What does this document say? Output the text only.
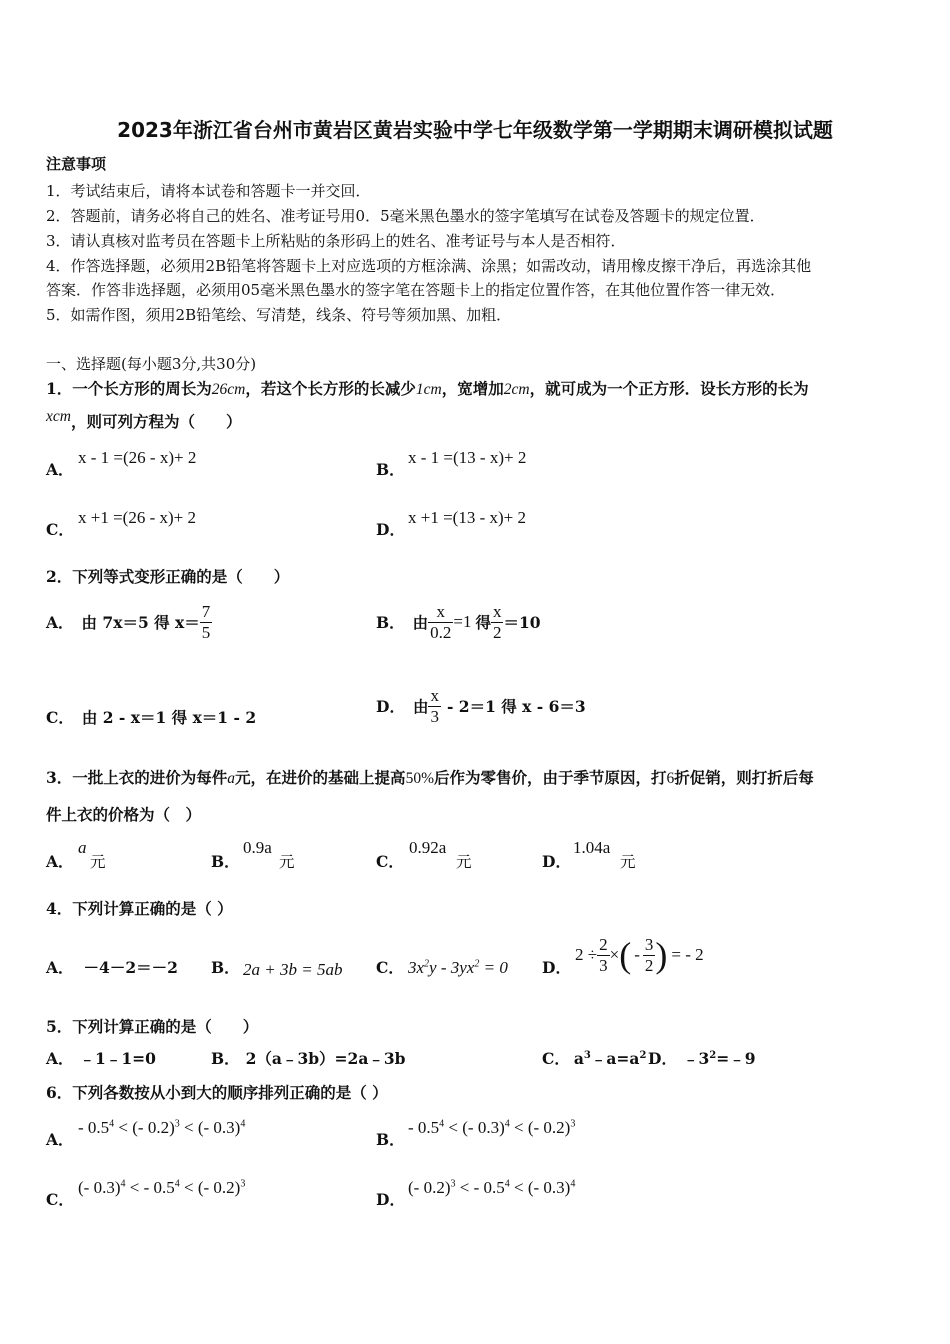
2023年浙江省台州市黄岩区黄岩实验中学七年级数学第一学期期末调研模拟试题
注意事项
1．考试结束后，请将本试卷和答题卡一并交回．
2．答题前，请务必将自己的姓名、准考证号用0．5毫米黑色墨水的签字笔填写在试卷及答题卡的规定位置．
3．请认真核对监考员在答题卡上所粘贴的条形码上的姓名、准考证号与本人是否相符．
4．作答选择题，必须用2B铅笔将答题卡上对应选项的方框涂满、涂黑；如需改动，请用橡皮擦干净后，再选涂其他
答案．作答非选择题，必须用05毫米黑色墨水的签字笔在答题卡上的指定位置作答，在其他位置作答一律无效．
5．如需作图，须用2B铅笔绘、写清楚，线条、符号等须加黑、加粗．
一、选择题(每小题3分,共30分)
1．一个长方形的周长为26cm，若这个长方形的长减少1cm，宽增加2cm，就可成为一个正方形．设长方形的长为
xcm，则可列方程为（　　）
A．
x - 1 =(26 - x)+ 2
B．
x - 1 =(13 - x)+ 2
C．
x +1 =(26 - x)+ 2
D．
x +1 =(13 - x)+ 2
2．下列等式变形正确的是（　　）
A． 由 7x＝5 得 $x= \frac{7}{5}$	B． 由 $\frac{x}{0.2} =1$ 得 $\frac{x}{2} =10$
C． 由 2 - x＝1 得 x＝1 - 2
D． 由 $\frac{x}{3} - 2=1$ 得 x - 6＝3
3．一批上衣的进价为每件a元，在进价的基础上提高50%后作为零售价，由于季节原因，打6折促销，则打折后每
件上衣的价格为（　）
A．
a
元	B．
0.9a
元	C．
0.92a
元	D．
1.04a
元
4．下列计算正确的是（ ）
A． －4－2＝－2 B． 2a + 3b = 5ab C． $3x^2y - 3yx^2 = 0$ D．
$2 \div \frac{2}{3}$ × ( - $\frac{3}{2}$ ) = - 2
5．下列计算正确的是（　　）
A． ﹣1﹣1=0	B． 2（a﹣3b）=2a﹣3b	C． $a^3﹣a=a^2$ D． $﹣3^2=﹣9$
6．下列各数按从小到大的顺序排列正确的是（ ）
A．
- $0.5^4$ < (- 0.2)$^3$ < (- 0.3)$^4$
B．
- $0.5^4$ < (- 0.3)$^4$ < (- 0.2)$^3$
C．
(- 0.3)$^4$ < - $0.5^4$ < (- 0.2)$^3$
D．
(- 0.2)$^3$ < - $0.5^4$ < (- 0.3)$^4$
